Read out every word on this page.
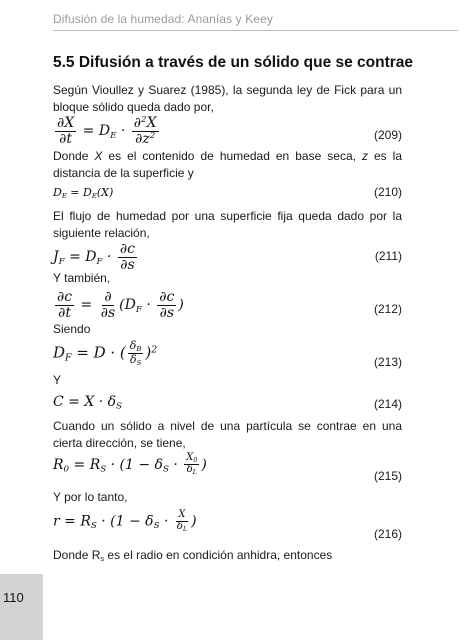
Difusión de la humedad: Ananías y Keey
5.5 Difusión a través de un sólido que se contrae
Según Vioullez y Suarez (1985), la segunda ley de Fick para un bloque sólido queda dado por,
$\frac{\partial X}{\partial t} = D_E \cdot \frac{\partial^2X}{\partial z^2}$	(209)
Donde X es el contenido de humedad en base seca, z es la distancia de la superficie y
$D_E = D_E(X)$	(210)
El flujo de humedad por una superficie fija queda dado por la siguiente relación,
$J_F = D_F \cdot \frac{\partial c}{\partial s}$	(211)
Y también,
$\frac{\partial c}{\partial t} = \frac{\partial}{\partial s} (D_F \cdot \frac{\partial c}{\partial s}$ )	(212)
Siendo
$D_F = D$ · ( $\frac{\delta_B}{\delta_S} )^2$
(213)
Y
$C = X \cdot \delta_S$	(214)
Cuando un sólido a nivel de una partícula se contrae en una cierta dirección, se tiene,
$R_0 = R_S \cdot (1 - \delta_S \cdot \frac{X_0}{\delta_L}$ )
(215)
Y por lo tanto,
$r = R_S \cdot (1 - \delta_S \cdot \frac{X}{\delta_L}$ )
(216)
Donde $R_s$ es el radio en condición anhidra, entonces
110
